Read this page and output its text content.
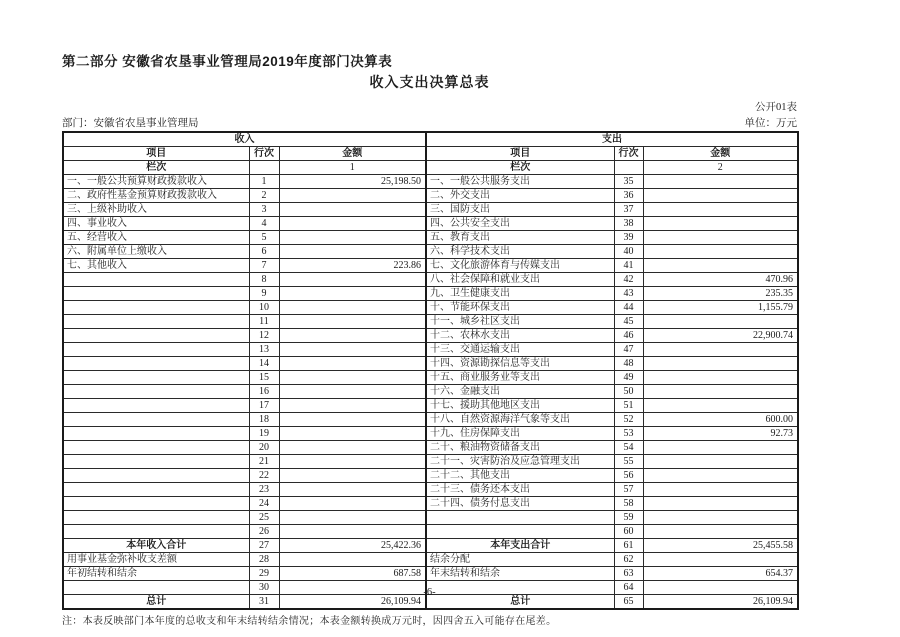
第二部分 安徽省农垦事业管理局2019年度部门决算表
收入支出决算总表
公开01表
部门：安徽省农垦事业管理局	单位：万元
收入			支出		
项目	行次	金额	项目	行次	金额
栏次		1	栏次		2
一、一般公共预算财政拨款收入	1	25,198.50	一、一般公共服务支出	35	
二、政府性基金预算财政拨款收入	2		二、外交支出	36	
三、上级补助收入	3		三、国防支出	37	
四、事业收入	4		四、公共安全支出	38	
五、经营收入	5		五、教育支出	39	
六、附属单位上缴收入	6		六、科学技术支出	40	
七、其他收入	7	223.86	七、文化旅游体育与传媒支出	41	
	8		八、社会保障和就业支出	42	470.96
	9		九、卫生健康支出	43	235.35
	10		十、节能环保支出	44	1,155.79
	11		十一、城乡社区支出	45	
	12		十二、农林水支出	46	22,900.74
	13		十三、交通运输支出	47	
	14		十四、资源勘探信息等支出	48	
	15		十五、商业服务业等支出	49	
	16		十六、金融支出	50	
	17		十七、援助其他地区支出	51	
	18		十八、自然资源海洋气象等支出	52	600.00
	19		十九、住房保障支出	53	92.73
	20		二十、粮油物资储备支出	54	
	21		二十一、灾害防治及应急管理支出	55	
	22		二十二、其他支出	56	
	23		二十三、债务还本支出	57	
	24		二十四、债务付息支出	58	
	25			59	
	26			60	
本年收入合计	27	25,422.36	本年支出合计	61	25,455.58
用事业基金弥补收支差额	28		结余分配	62	
年初结转和结余	29	687.58	年末结转和结余	63	654.37
	30			64	
总计	31	26,109.94	总计	65	26,109.94
注：本表反映部门本年度的总收支和年末结转结余情况；本表金额转换成万元时，因四舍五入可能存在尾差。
-6-
